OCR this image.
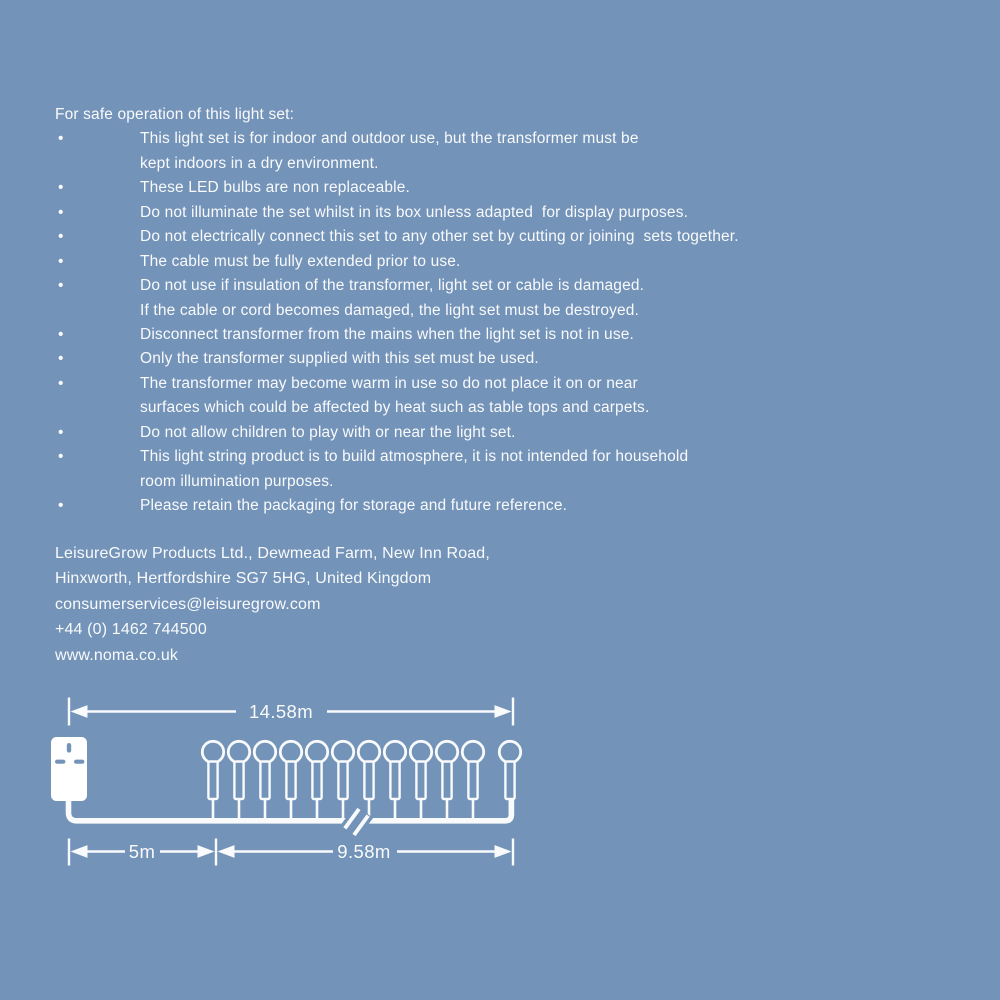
For safe operation of this light set:
•	This light set is for indoor and outdoor use, but the transformer must be
kept indoors in a dry environment.
•	These LED bulbs are non replaceable.
•	Do not illuminate the set whilst in its box unless adapted  for display purposes.
•	Do not electrically connect this set to any other set by cutting or joining  sets together.
•	The cable must be fully extended prior to use.
•	Do not use if insulation of the transformer, light set or cable is damaged.
If the cable or cord becomes damaged, the light set must be destroyed.
•	Disconnect transformer from the mains when the light set is not in use.
•	Only the transformer supplied with this set must be used.
•	The transformer may become warm in use so do not place it on or near
surfaces which could be affected by heat such as table tops and carpets.
•	Do not allow children to play with or near the light set.
•	This light string product is to build atmosphere, it is not intended for household
room illumination purposes.
•	Please retain the packaging for storage and future reference.
LeisureGrow Products Ltd., Dewmead Farm, New Inn Road,
Hinxworth, Hertfordshire SG7 5HG, United Kingdom
consumerservices@leisuregrow.com
+44 (0) 1462 744500
www.noma.co.uk
14.58m
5m	9.58m
